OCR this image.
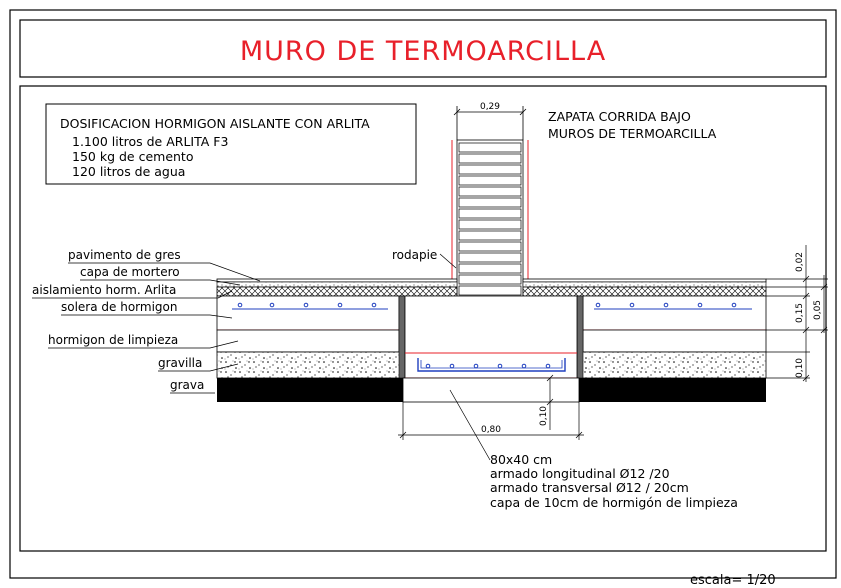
MURO DE TERMOARCILLA
DOSIFICACION HORMIGON AISLANTE CON ARLITA
1.100 litros de ARLITA F3
150 kg de cemento
120 litros de agua
ZAPATA CORRIDA BAJO
MUROS DE TERMOARCILLA
0,29
pavimento de gres
capa de mortero
aislamiento horm. Arlita
solera de hormigon
hormigon de limpieza
gravilla
grava
rodapie	0,02
0,15 0,05
0,10
0,80
0,10
80x40 cm
armado longitudinal Ø12 /20
armado transversal Ø12 / 20cm
capa de 10cm de hormigón de limpieza
escala= 1/20
